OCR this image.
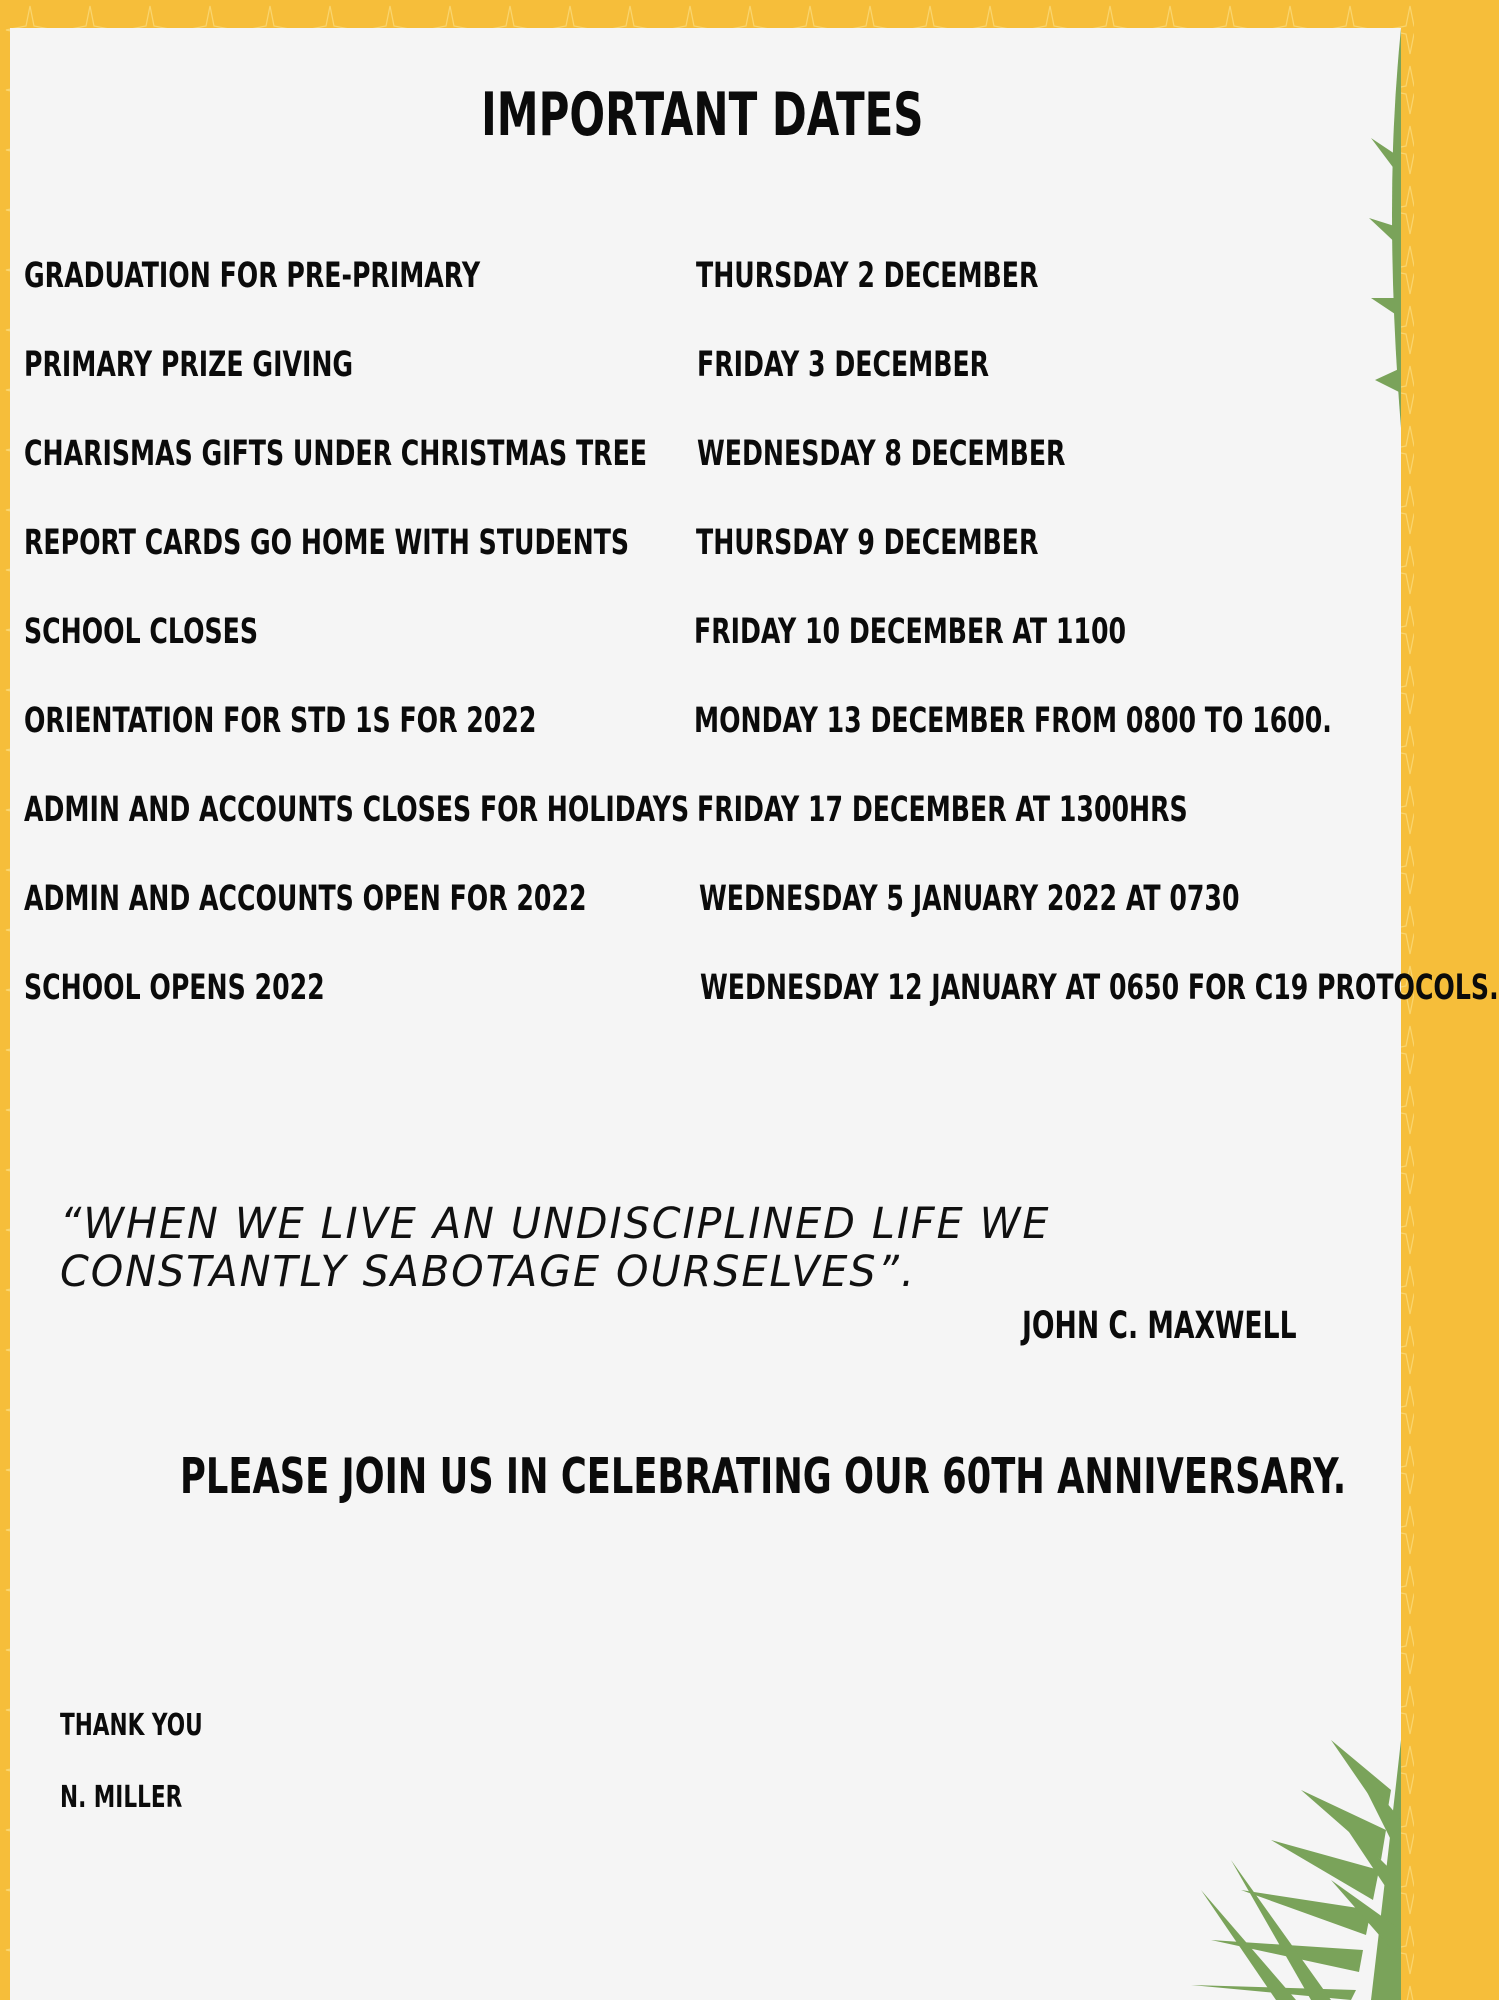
IMPORTANT DATES
GRADUATION FOR PRE-PRIMARY	THURSDAY 2 DECEMBER
PRIMARY PRIZE GIVING	FRIDAY 3 DECEMBER
CHARISMAS GIFTS UNDER CHRISTMAS TREE WEDNESDAY 8 DECEMBER
REPORT CARDS GO HOME WITH STUDENTS THURSDAY 9 DECEMBER
SCHOOL CLOSES	FRIDAY 10 DECEMBER AT 1100
ORIENTATION FOR STD 1S FOR 2022	MONDAY 13 DECEMBER FROM 0800 TO 1600.
ADMIN AND ACCOUNTS CLOSES FOR HOLIDAYS FRIDAY 17 DECEMBER AT 1300HRS
ADMIN AND ACCOUNTS OPEN FOR 2022	WEDNESDAY 5 JANUARY 2022 AT 0730
SCHOOL OPENS 2022	WEDNESDAY 12 JANUARY AT 0650 FOR C19 PROTOCOLS.
“WHEN WE LIVE AN UNDISCIPLINED LIFE WE
CONSTANTLY SABOTAGE OURSELVES”.
JOHN C. MAXWELL
PLEASE JOIN US IN CELEBRATING OUR 60TH ANNIVERSARY.
THANK YOU
N. MILLER
